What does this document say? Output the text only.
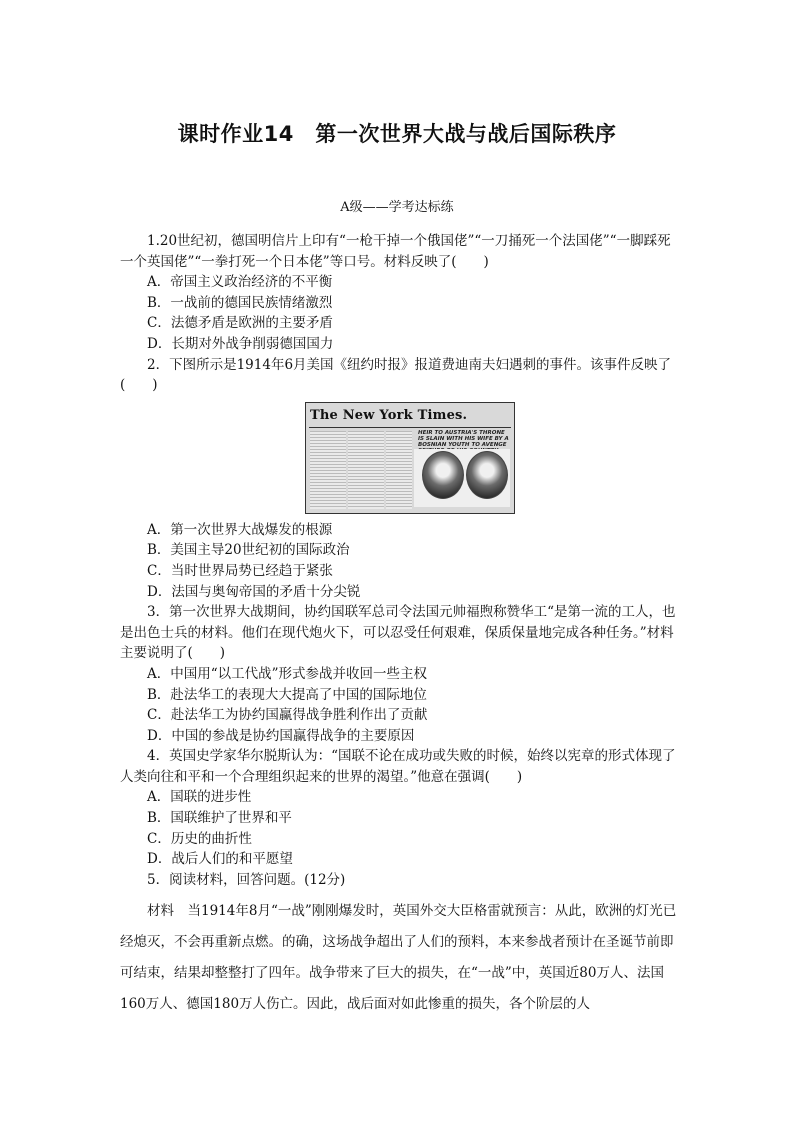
课时作业14　第一次世界大战与战后国际秩序
A级——学考达标练

1.20世纪初，德国明信片上印有“一枪干掉一个俄国佬”“一刀捅死一个法国佬”“一脚踩死一个英国佬”“一拳打死一个日本佬”等口号。材料反映了(　　)

A．帝国主义政治经济的不平衡

B．一战前的德国民族情绪激烈

C．法德矛盾是欧洲的主要矛盾

D．长期对外战争削弱德国国力

2．下图所示是1914年6月美国《纽约时报》报道费迪南夫妇遇刺的事件。该事件反映了(　　)

The New York Times.
HEIR TO AUSTRIA'S THRONE IS SLAIN WITH HIS WIFE BY A BOSNIAN YOUTH TO AVENGE

A．第一次世界大战爆发的根源

B．美国主导20世纪初的国际政治

C．当时世界局势已经趋于紧张

D．法国与奥匈帝国的矛盾十分尖锐

3．第一次世界大战期间，协约国联军总司令法国元帅福煦称赞华工“是第一流的工人，也是出色士兵的材料。他们在现代炮火下，可以忍受任何艰难，保质保量地完成各种任务。”材料主要说明了(　　)

A．中国用“以工代战”形式参战并收回一些主权

B．赴法华工的表现大大提高了中国的国际地位

C．赴法华工为协约国赢得战争胜利作出了贡献

D．中国的参战是协约国赢得战争的主要原因

4．英国史学家华尔脱斯认为：“国联不论在成功或失败的时候，始终以宪章的形式体现了人类向往和平和一个合理组织起来的世界的渴望。”他意在强调(　　)

A．国联的进步性

B．国联维护了世界和平

C．历史的曲折性

D．战后人们的和平愿望

5．阅读材料，回答问题。(12分)

材料　当1914年8月“一战”刚刚爆发时，英国外交大臣格雷就预言：从此，欧洲的灯光已经熄灭，不会再重新点燃。的确，这场战争超出了人们的预料，本来参战者预计在圣诞节前即可结束，结果却整整打了四年。战争带来了巨大的损失，在“一战”中，英国近80万人、法国160万人、德国180万人伤亡。因此，战后面对如此惨重的损失，各个阶层的人
